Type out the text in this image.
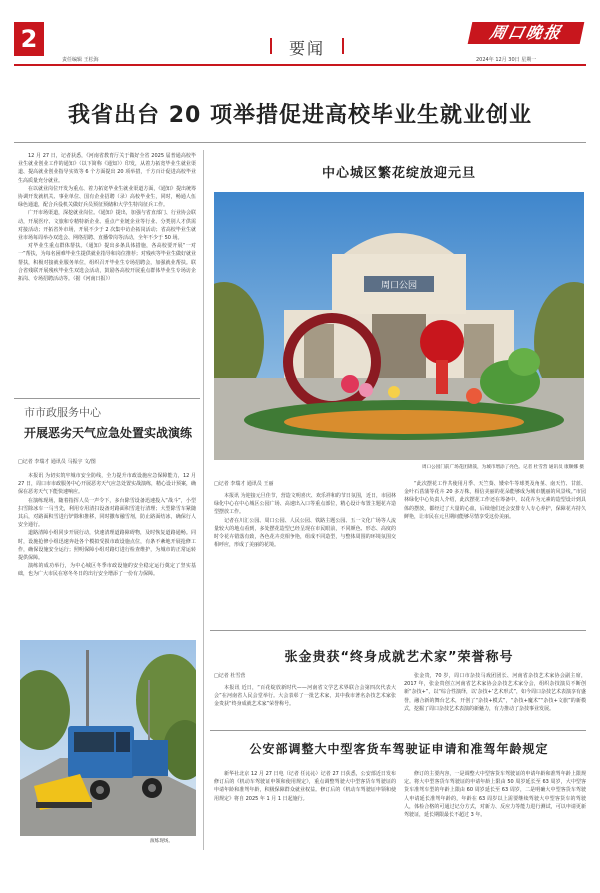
2
责任编辑 王松海
要闻
周口晚报
2024年 12月 30日 星期一
我省出台 20 项举措促进高校毕业生就业创业

12 月 27 日，记者获悉，《河南省教育厅关于做好全省 2025 届普通高校毕业生就业创业工作的通知》（以下简称《通知》）印发，从着力拓宽毕业生就业渠道、提高就业创业指导实效等 6 个方面提出 20 项举措，千方百计促进高校毕业生高质量充分就业。

在以就业岗位开发为重点、着力拓宽毕业生就业渠道方面，《通知》提出统筹协调开发就机关、事业单位、国有企业招聘（录）高校毕业生，同时，畅通人伍绿色通道，配合兵役机关做好兵员预征预储和大学生特岗征兵工作。

广开市场渠道，深挖就业岗位。《通知》提出，加强与省直部门、行业协会联动，开展医疗、文旅和专精特新企业、重点产业链企业等行业、分类别人才供需对接活动；开拓省外市场，开展不少于 2 次集中访企拓岗活动；省高校毕业生就业市场每周举办双选会、网络招聘、直播带岗等活动，全年不少于 50 场。

对毕业生重点群体帮扶。《通知》提出多条具体措施，各高校要开展“一对一”帮扶，为每名困难毕业生提供就业指导和岗位推荐；对残疾等毕业生做好就业帮扶，积极对接就业服务单位，组织召开毕业生专场招聘会，加强就业帮扶。联合省残联开展残疾毕业生双选会活动，鼓励各高校开展重点群体毕业生专场访企拓岗、专场招聘活动等。（据《河南日报》）

市市政服务中心
开展恶劣天气应急处置实战演练
□记者 李瑞才 通讯员 马振宇 文/图

本报讯 为切实筑牢城市安全防线，全力提升市政设施应急保障能力，12 月 27 日，周口市市政服务中心开展恶劣天气应急处置实战演练，精心设计预案，确保在恶劣天气下能快速响应。

在演练现场，随着指挥人员一声令下，多台除雪设备迅速投入“战斗”，小型扫雪除冰车一马当先，利用专用清扫设备对路面积雪进行清理；大型除雪车紧随其后，对路面积雪进行铲除和推移，同时撒布融雪剂，防止路面结冰，确保行人安全通行。

道路清障小组同步开展行动，快速清理道路障碍物，及时恢复道路通畅。同时，设施抢修小组迅速奔赴各个模拟受损市政设施点位，有条不紊地开展抢修工作，确保设施安全运行；照明保障小组对路灯进行检查维护，为城市的正常运转提供保障。

演练的成功举行，为中心城区冬季市政设施的安全稳定运行奠定了坚实基础，也为广大市民在寒冬冬日的出行安全增添了一份有力保障。

演练现场。
中心城区繁花绽放迎元旦
周口公园
周口公园门前广场花团锦簇，为城市增添了亮色。记者 杜雪营 通讯员 康顺娜 摄
□记者 李瑞才 通讯员 王丽

本报讯 为迎接元旦佳节，营造文明喜庆、欢乐祥和的节日氛围，近日，市园林绿化中心在中心城区公园广场、高速出入口等重点部位，精心设计布置主题花卉造型摆放工作。

记者在川汇公园、周口公园、人民公园、铁路主题公园、五一文化广场等人流量较大的地点看到，多处摆花造型已经呈现在市民眼前，不同颜色、形态、高度的时令花卉错落有致，各色花卉竞相争艳，组成不同造型，与整体周围的环境氛围交相呼应，形成了美丽的花境。

“此次摆花工作共使用月季、天竺葵、矮牵牛等球类及角堇、南天竹、甘蓝、金叶石菖蒲等花卉 20 多万株，相信美丽的花朵能够成为城市靓丽的风景线。”市园林绿化中心负责人介绍，此次摆花工作还在筹备中，以花卉为元素的造型设计到具体的摆放，都经过了大量的心血，后续他们还会安排专人专心养护，保障花卉持久鲜艳，让市民在元旦期间能够尽情享受这份美丽。

张金贵获“终身成就艺术家”荣誉称号
□记者 杜雪营

本报讯 近日，“百花绽放新时代——河南省文学艺术界联合会第四次代表大会”在河南省人民会堂举行。大会表彰了一批艺术家，其中我市著名杂技艺术家张金贵获“终身成就艺术家”荣誉称号。

张金贵，70 岁，周口市杂技马戏团团长、河南省杂技艺术家协会副主席，2017 年，张金贵创立河南省艺术家协会杂技艺术家分会，组织杂技演员不断创新“杂技+”，以“综合性演绎，以‘杂技+’艺术形式”，如今周口杂技艺术表演享有盛誉，融合新的舞台艺术，开创了“杂技+模式”，“杂技+魔术”“杂技+文旅”的新模式，挖掘了周口杂技艺术表演的新魅力，有力推动了杂技事业发展。

公安部调整大中型客货车驾驶证申请和准驾年龄规定

新华社北京 12 月 27 日电（记者 任沁沁）记者 27 日获悉，公安部近日发布修订后的《机动车驾驶证申领和使用规定》，重点调整驾驶大中型客货车驾驶证的申请年龄和准驾年龄，积极保障群众就业权益。修订后的《机动车驾驶证申领和使用规定》将自 2025 年 1 月 1 日起施行。

修订的主要内容，一是调整大中型客货车驾驶证的申请年龄和准驾年龄上限规定。将大中型客货车驾驶证的申请年龄上限由 50 周岁延长至 63 周岁，大中型客货车准驾车型的年龄上限由 60 周岁延长至 63 周岁，二是明确大中型客货车驾驶人申请延长准驾年龄的，年龄在 63 周岁以上需要继续驾驶大中型客货车的驾驶人，体检合格的可通过记分方式，对新力、反应力等能力进行测试，可以申请更新驾驶证，延长期限最长不超过 3 年。
